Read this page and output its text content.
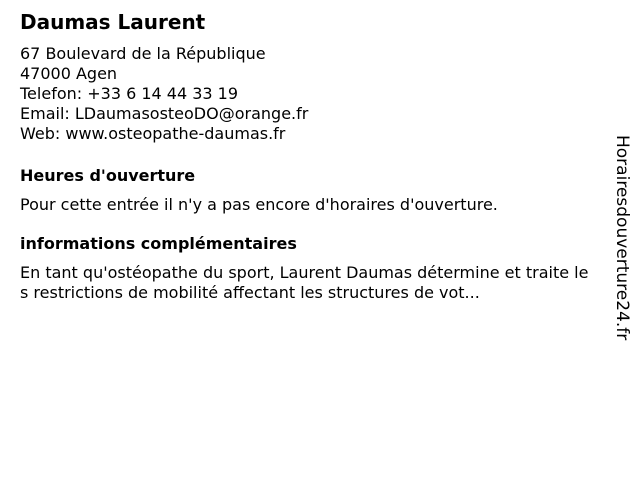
Daumas Laurent
67 Boulevard de la République
47000 Agen
Telefon: +33 6 14 44 33 19
Email: LDaumasosteoDO@orange.fr
Web: www.osteopathe-daumas.fr
Heures d'ouverture
Pour cette entrée il n'y a pas encore d'horaires d'ouverture.
informations complémentaires
En tant qu'ostéopathe du sport, Laurent Daumas détermine et traite les restrictions de mobilité affectant les structures de vot...	Horairesdouverture24.fr
